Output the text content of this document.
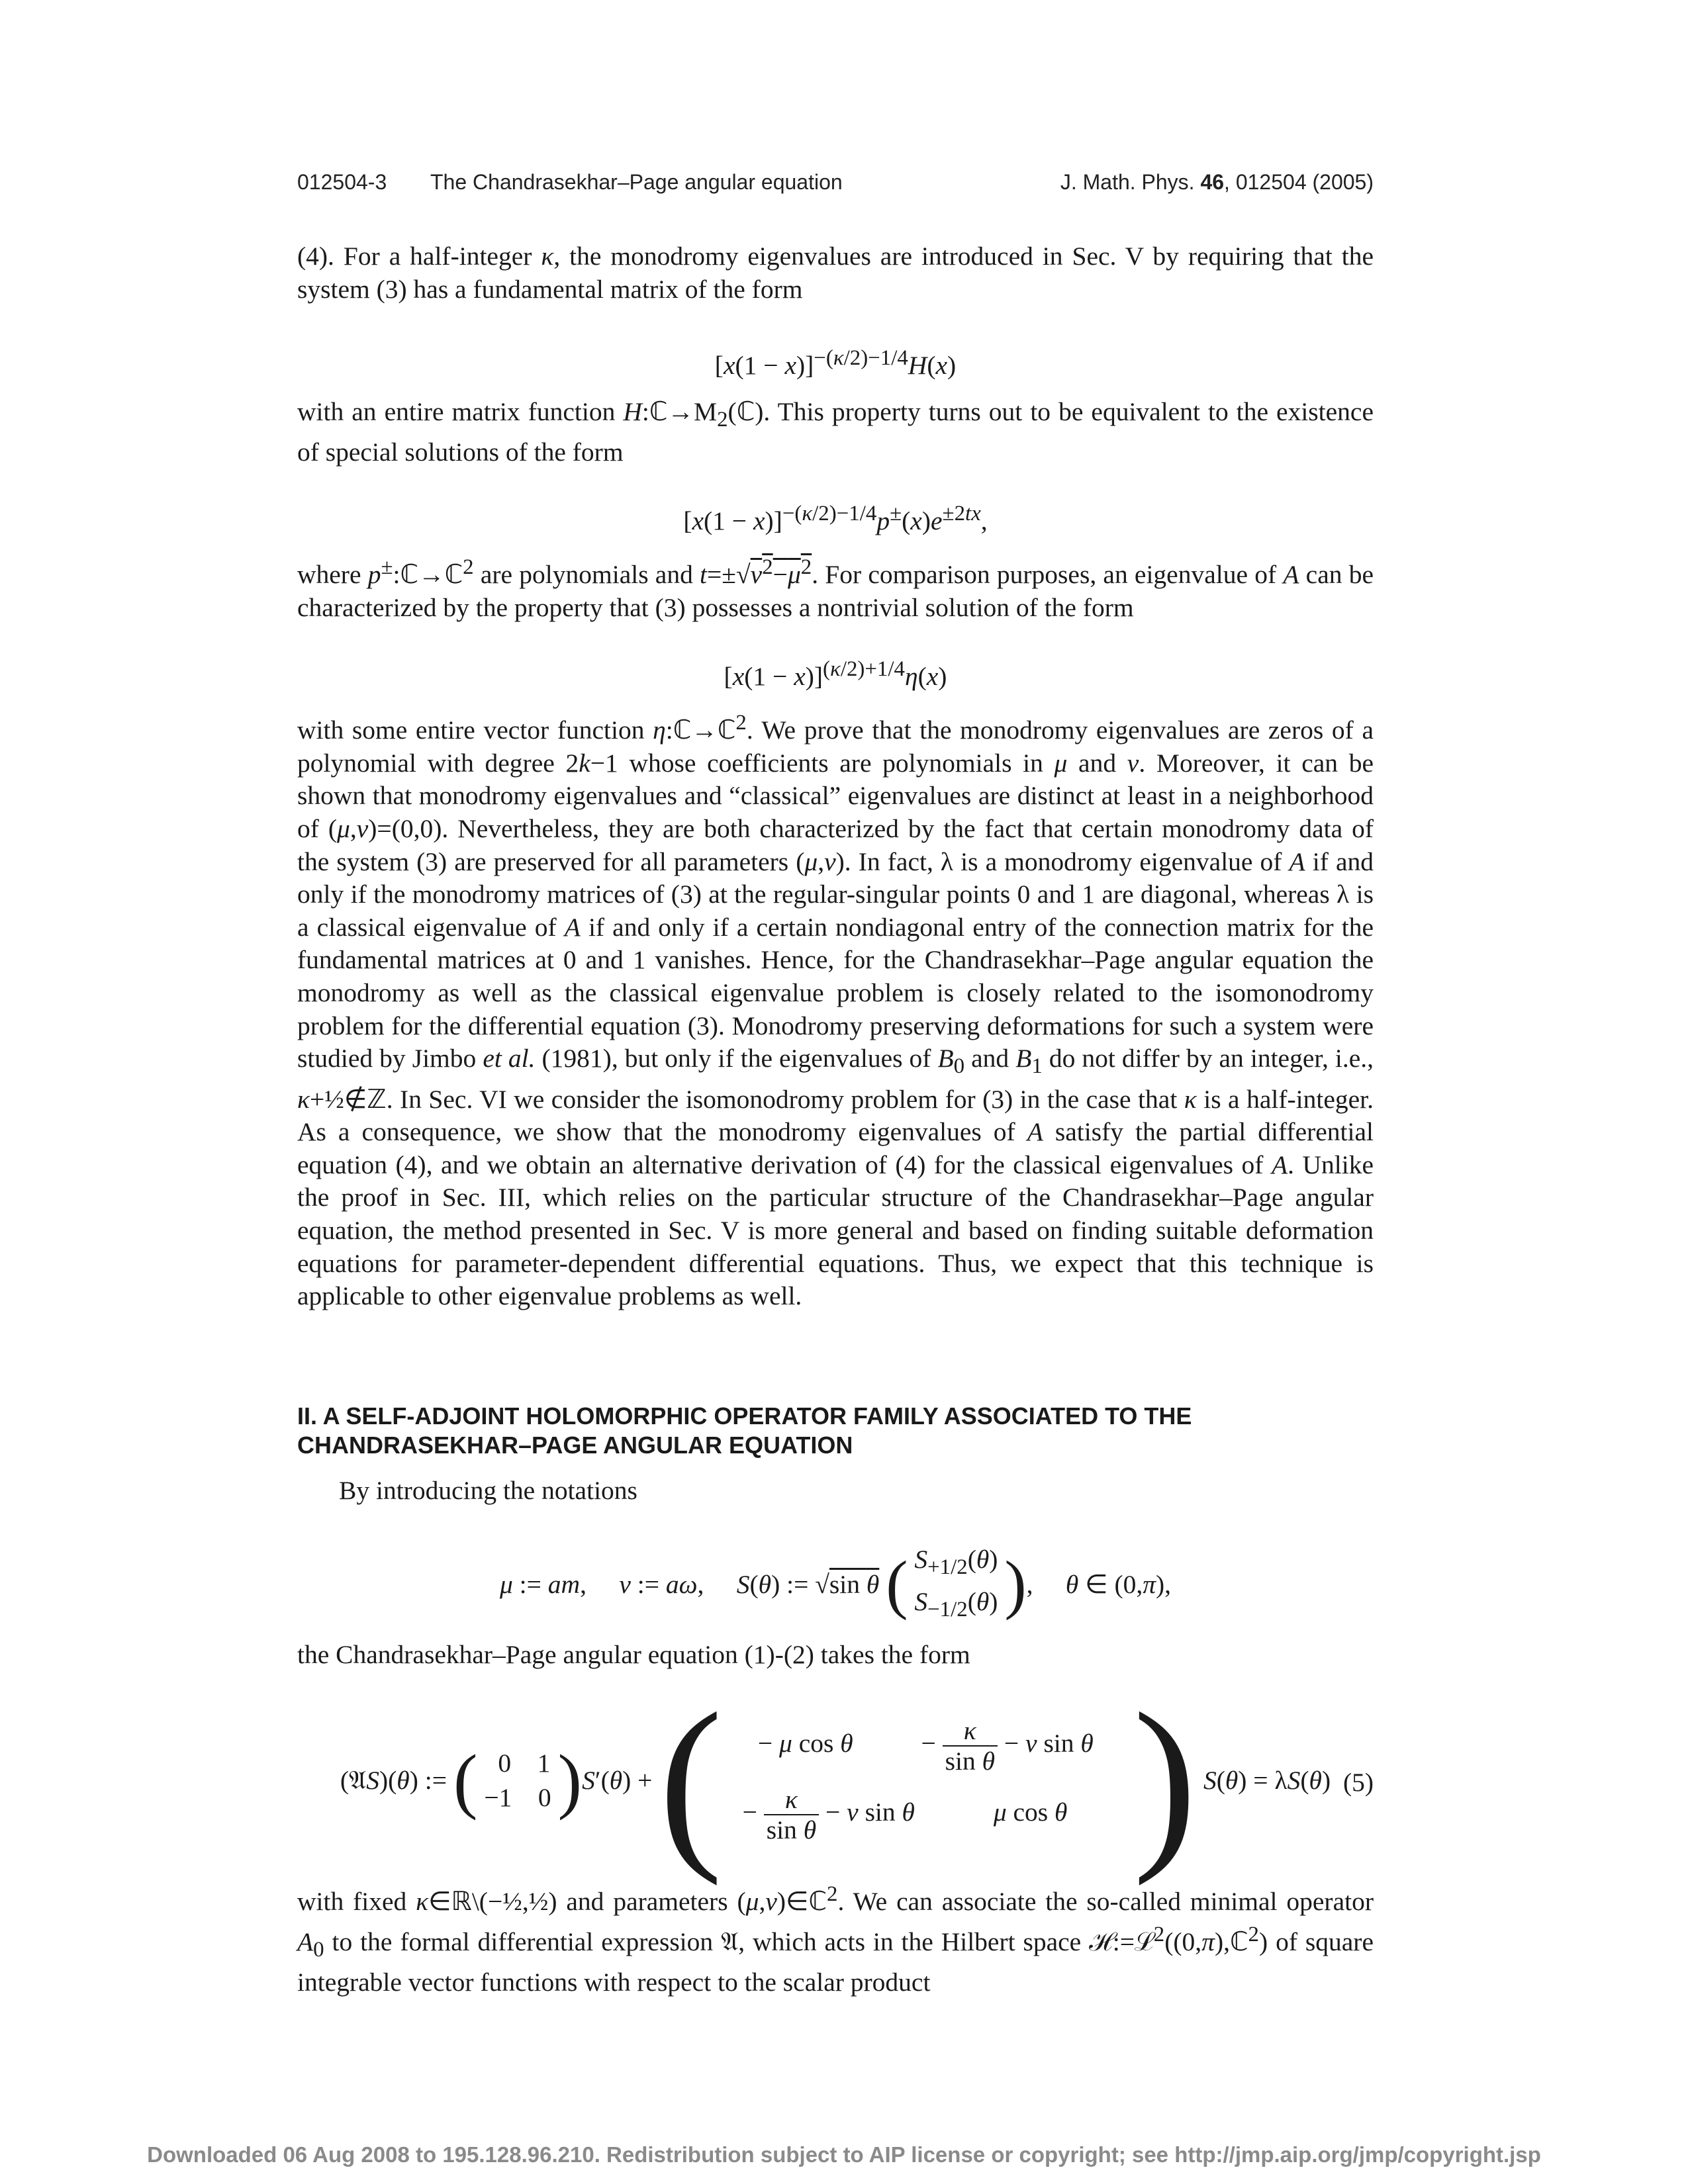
012504-3 The Chandrasekhar–Page angular equation	J. Math. Phys. 46, 012504 (2005)

(4). For a half-integer κ, the monodromy eigenvalues are introduced in Sec. V by requiring that the system (3) has a fundamental matrix of the form

$[x(1 - x)]^{-(\kappa/2)-1/4}H(x)$

with an entire matrix function $H:ℂ\to M_2(ℂ)$. This property turns out to be equivalent to the existence of special solutions of the form

$[x(1 - x)]^{-(\kappa/2)-1/4}p^\pm(x)e^{\pm 2tx}$,

where p±:ℂ→ℂ$^2$ are polynomials and $t=\pm√\nu^2-\mu^2$. For comparison purposes, an eigenvalue of A can be characterized by the property that (3) possesses a nontrivial solution of the form

$[x(1 - x)]^{(\kappa/2)+1/4}\eta(x)$

with some entire vector function η:ℂ→ℂ$^2$. We prove that the monodromy eigenvalues are zeros of a polynomial with degree 2k−1 whose coefficients are polynomials in μ and ν. Moreover, it can be shown that monodromy eigenvalues and “classical” eigenvalues are distinct at least in a neighborhood of (μ,ν)=(0,0). Nevertheless, they are both characterized by the fact that certain monodromy data of the system (3) are preserved for all parameters (μ,ν). In fact, λ is a monodromy eigenvalue of A if and only if the monodromy matrices of (3) at the regular-singular points 0 and 1 are diagonal, whereas λ is a classical eigenvalue of A if and only if a certain nondiagonal entry of the connection matrix for the fundamental matrices at 0 and 1 vanishes. Hence, for the Chandrasekhar–Page angular equation the monodromy as well as the classical eigenvalue problem is closely related to the isomonodromy problem for the differential equation (3). Monodromy preserving deformations for such a system were studied by Jimbo et al. (1981), but only if the eigenvalues of $B_0$ and $B_1$ do not differ by an integer, i.e., κ+½∉ℤ. In Sec. VI we consider the isomonodromy problem for (3) in the case that κ is a half-integer. As a consequence, we show that the monodromy eigenvalues of A satisfy the partial differential equation (4), and we obtain an alternative derivation of (4) for the classical eigenvalues of A. Unlike the proof in Sec. III, which relies on the particular structure of the Chandrasekhar–Page angular equation, the method presented in Sec. V is more general and based on finding suitable deformation equations for parameter-dependent differential equations. Thus, we expect that this technique is applicable to other eigenvalue problems as well.

II. A SELF-ADJOINT HOLOMORPHIC OPERATOR FAMILY ASSOCIATED TO THE CHANDRASEKHAR–PAGE ANGULAR EQUATION

By introducing the notations

μ := am,     ν := aω,     S(θ) := √sin θ ( $S_{+1/2}(\theta)$
$S_{-1/2}(\theta)$ ),     θ ∈ (0,π),

the Chandrasekhar–Page angular equation (1)-(2) takes the form

(𝔄S)(θ) := ( 0    1
−1    0 )S′(θ) + (	− μ cos θ	− $\frac{\kappa}{\text{sin θ}} - \nu$ sin θ
− $\frac{\kappa}{\text{sin θ}} - \nu$ sin θ	μ cos θ ) S(θ) = λS(θ) (5)

with fixed κ∈ℝ\(−½,½) and parameters (μ,ν)∈ℂ$^2$. We can associate the so-called minimal operator $A_0$ to the formal differential expression 𝔄, which acts in the Hilbert space ℋ:=ℒ$^2$((0,π),ℂ$^2$) of square integrable vector functions with respect to the scalar product

Downloaded 06 Aug 2008 to 195.128.96.210. Redistribution subject to AIP license or copyright; see http://jmp.aip.org/jmp/copyright.jsp
